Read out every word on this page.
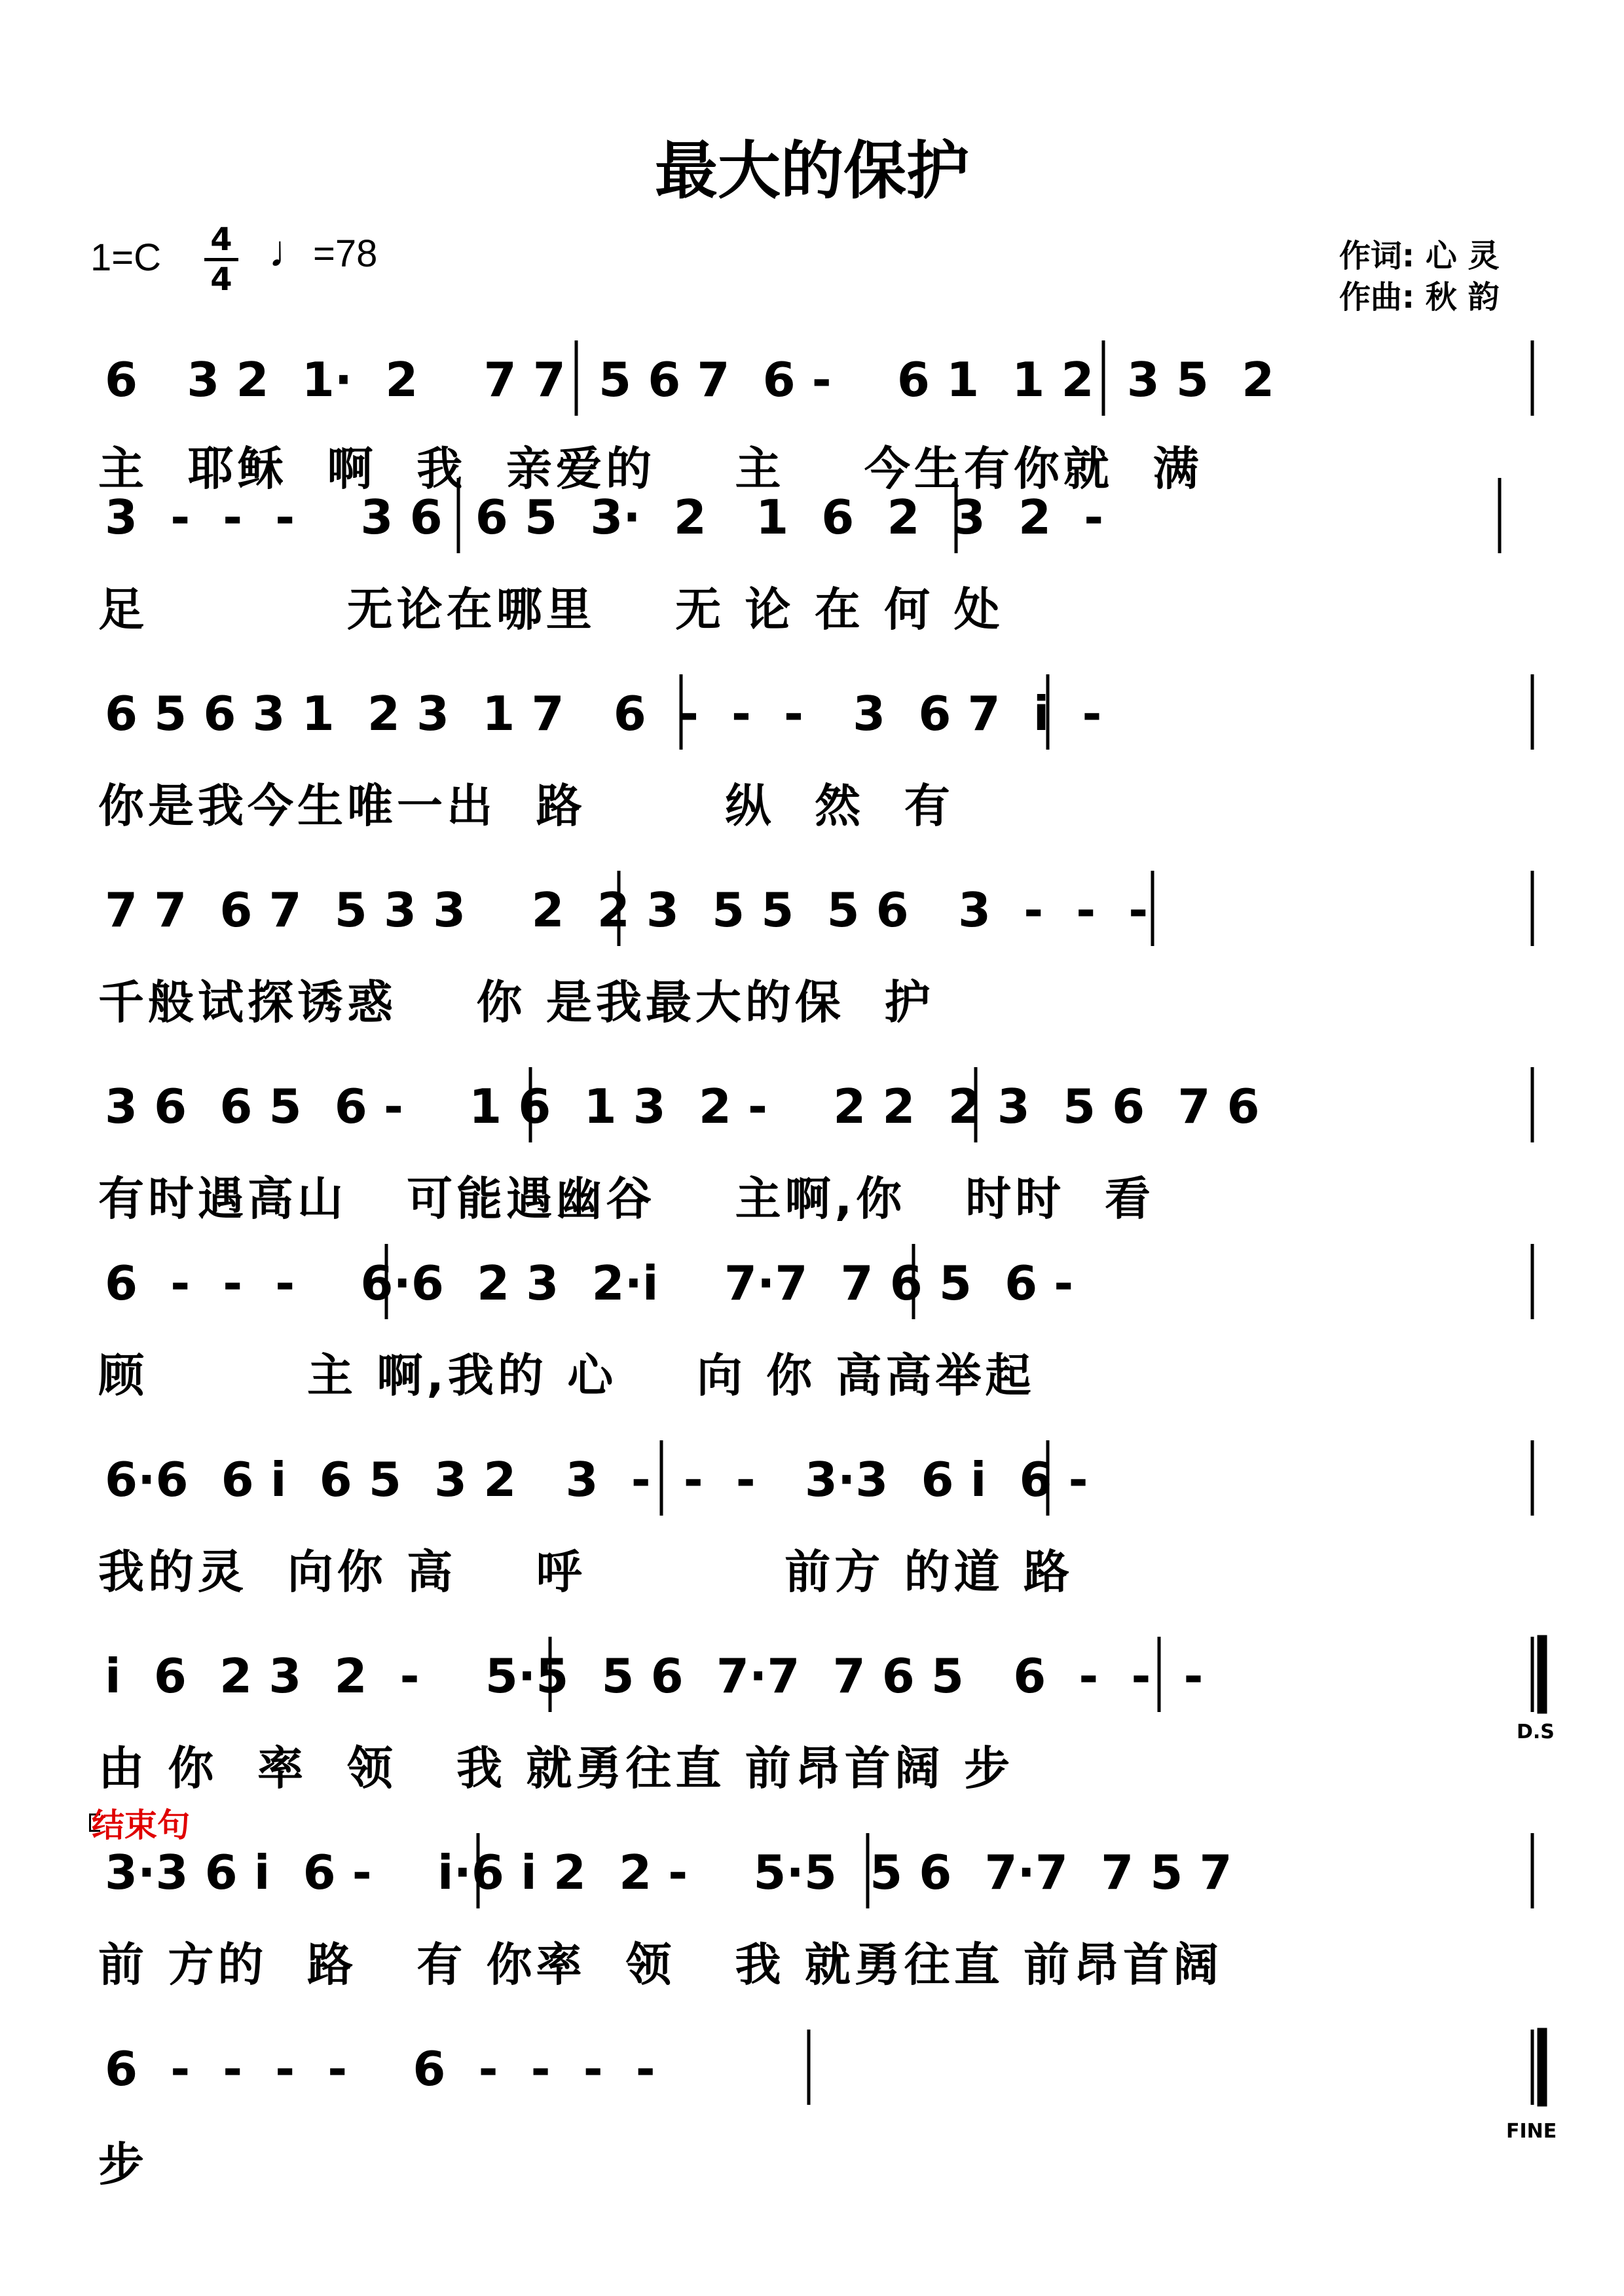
最大的保护
1=C 4
4
♩=78	作词: 心 灵
作曲: 秋 韵
6   3 2  1·  2    7 7  5 6 7  6 -    6 1  1 2  3 5  2
主  耶稣  啊  我  亲爱的    主    今生有你就  满
3  -  -  -    3 6  6 5  3·  2   1  6  2  3  2  -
足          无论在哪里    无 论 在 何 处
6 5 6 3 1  2 3  1 7   6  -  -  -   3  6 7  i  -
你是我今生唯一出  路       纵  然  有
7 7  6 7  5 3 3    2  2 3  5 5  5 6   3  -  -  -
千般试探诱惑    你 是我最大的保  护
3 6  6 5  6 -    1 6  1 3  2 -    2 2  2 3  5 6  7 6
有时遇高山   可能遇幽谷    主啊,你   时时  看
6  -  -  -    6·6  2 3  2·i    7·7  7 6 5  6 -
顾        主 啊,我的 心    向 你 高高举起
6·6  6 i  6 5  3 2   3  -  -  -   3·3  6 i  6 -
我的灵  向你 高    呼          前方 的道 路
i  6  2 3  2  -    5·5  5 6  7·7  7 6 5   6  -  -  -
由 你  率  领   我 就勇往直 前昂首阔 步
3·3 6 i  6 -    i·6 i 2  2 -    5·5  5 6  7·7  7 5 7
前 方的  路   有 你率  领   我 就勇往直 前昂首阔
6  -  -  -  -    6  -  -  -  -
步
结束句
D.S
FINE
